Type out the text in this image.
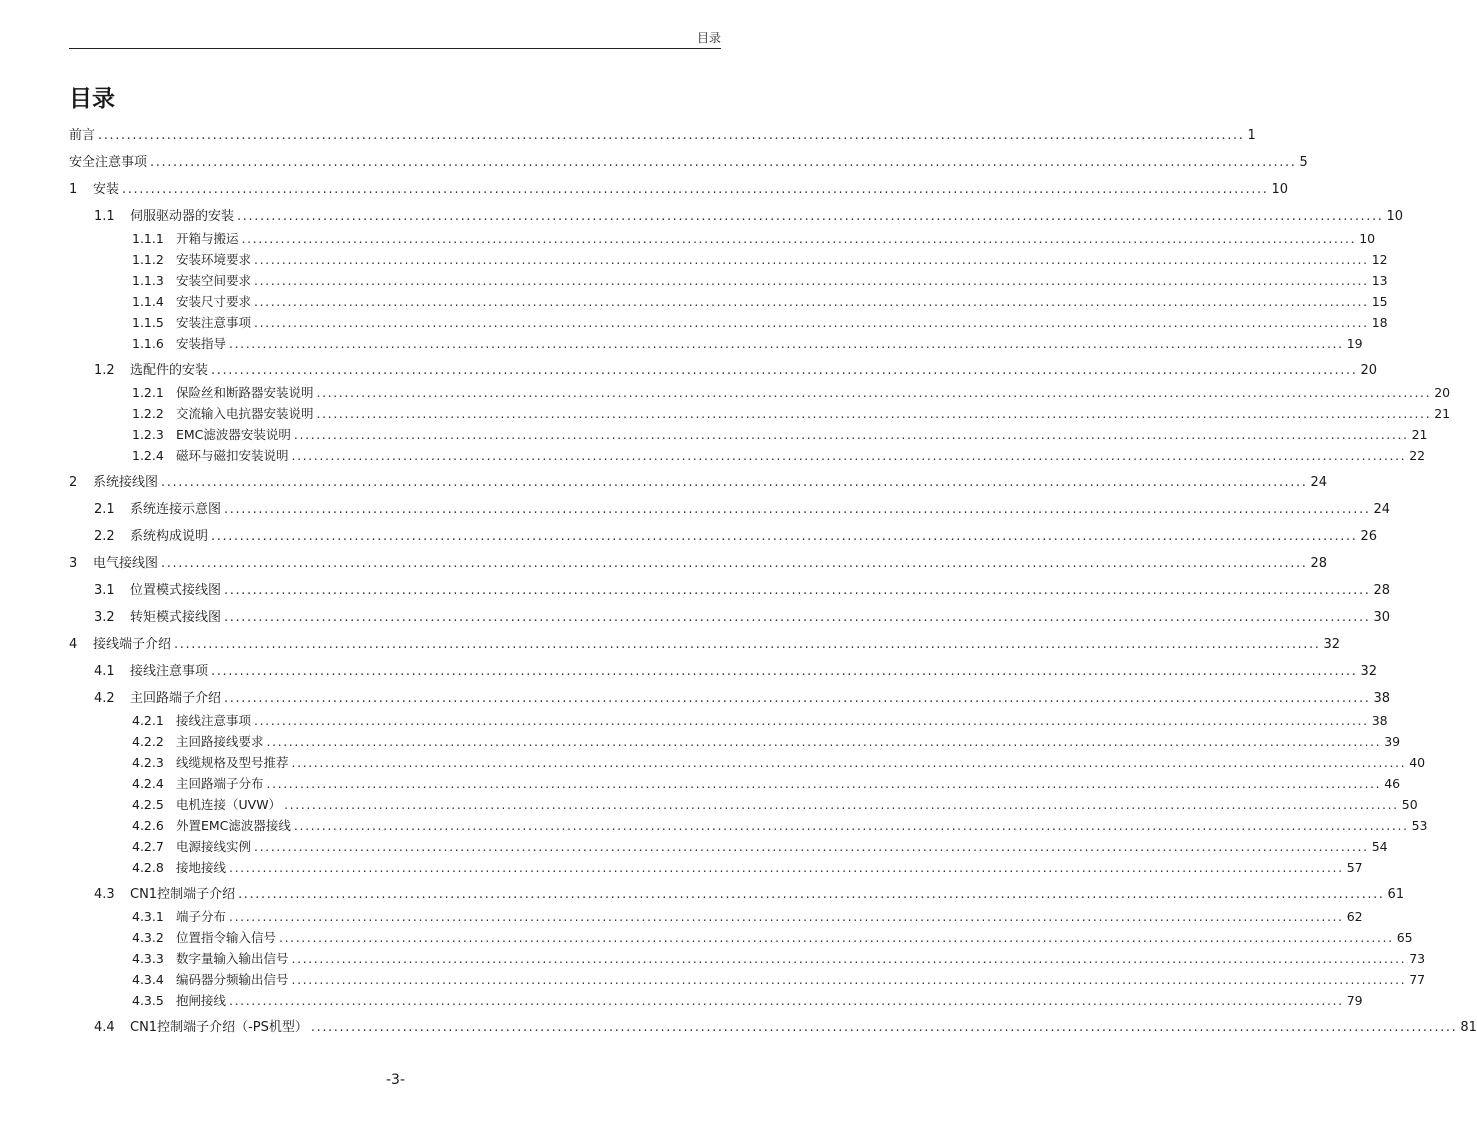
目录
目录
前言 ........................................................................................................................................................................................................ 1
安全注意事项 ........................................................................................................................................................................................................ 5
1	安装 ........................................................................................................................................................................................................ 10
1.1	伺服驱动器的安装 ........................................................................................................................................................................................................ 10
1.1.1 开箱与搬运 ........................................................................................................................................................................................................ 10
1.1.2 安装环境要求 ........................................................................................................................................................................................................ 12
1.1.3 安装空间要求 ........................................................................................................................................................................................................ 13
1.1.4 安装尺寸要求 ........................................................................................................................................................................................................ 15
1.1.5 安装注意事项 ........................................................................................................................................................................................................ 18
1.1.6 安装指导 ........................................................................................................................................................................................................ 19
1.2	选配件的安装 ........................................................................................................................................................................................................ 20
1.2.1 保险丝和断路器安装说明 ........................................................................................................................................................................................................ 20
1.2.2 交流输入电抗器安装说明 ........................................................................................................................................................................................................ 21
1.2.3 EMC滤波器安装说明 ........................................................................................................................................................................................................ 21
1.2.4 磁环与磁扣安装说明 ........................................................................................................................................................................................................ 22
2	系统接线图 ........................................................................................................................................................................................................ 24
2.1	系统连接示意图 ........................................................................................................................................................................................................ 24
2.2	系统构成说明 ........................................................................................................................................................................................................ 26
3	电气接线图 ........................................................................................................................................................................................................ 28
3.1	位置模式接线图 ........................................................................................................................................................................................................ 28
3.2	转矩模式接线图 ........................................................................................................................................................................................................ 30
4	接线端子介绍 ........................................................................................................................................................................................................ 32
4.1	接线注意事项 ........................................................................................................................................................................................................ 32
4.2	主回路端子介绍 ........................................................................................................................................................................................................ 38
4.2.1 接线注意事项 ........................................................................................................................................................................................................ 38
4.2.2 主回路接线要求 ........................................................................................................................................................................................................ 39
4.2.3 线缆规格及型号推荐 ........................................................................................................................................................................................................ 40
4.2.4 主回路端子分布 ........................................................................................................................................................................................................ 46
4.2.5 电机连接（UVW） ........................................................................................................................................................................................................ 50
4.2.6 外置EMC滤波器接线 ........................................................................................................................................................................................................ 53
4.2.7 电源接线实例 ........................................................................................................................................................................................................ 54
4.2.8 接地接线 ........................................................................................................................................................................................................ 57
4.3	CN1控制端子介绍 ........................................................................................................................................................................................................ 61
4.3.1 端子分布 ........................................................................................................................................................................................................ 62
4.3.2 位置指令输入信号 ........................................................................................................................................................................................................ 65
4.3.3 数字量输入输出信号 ........................................................................................................................................................................................................ 73
4.3.4 编码器分频输出信号 ........................................................................................................................................................................................................ 77
4.3.5 抱闸接线 ........................................................................................................................................................................................................ 79
4.4	CN1控制端子介绍（-PS机型） ........................................................................................................................................................................................................ 81
-3-
